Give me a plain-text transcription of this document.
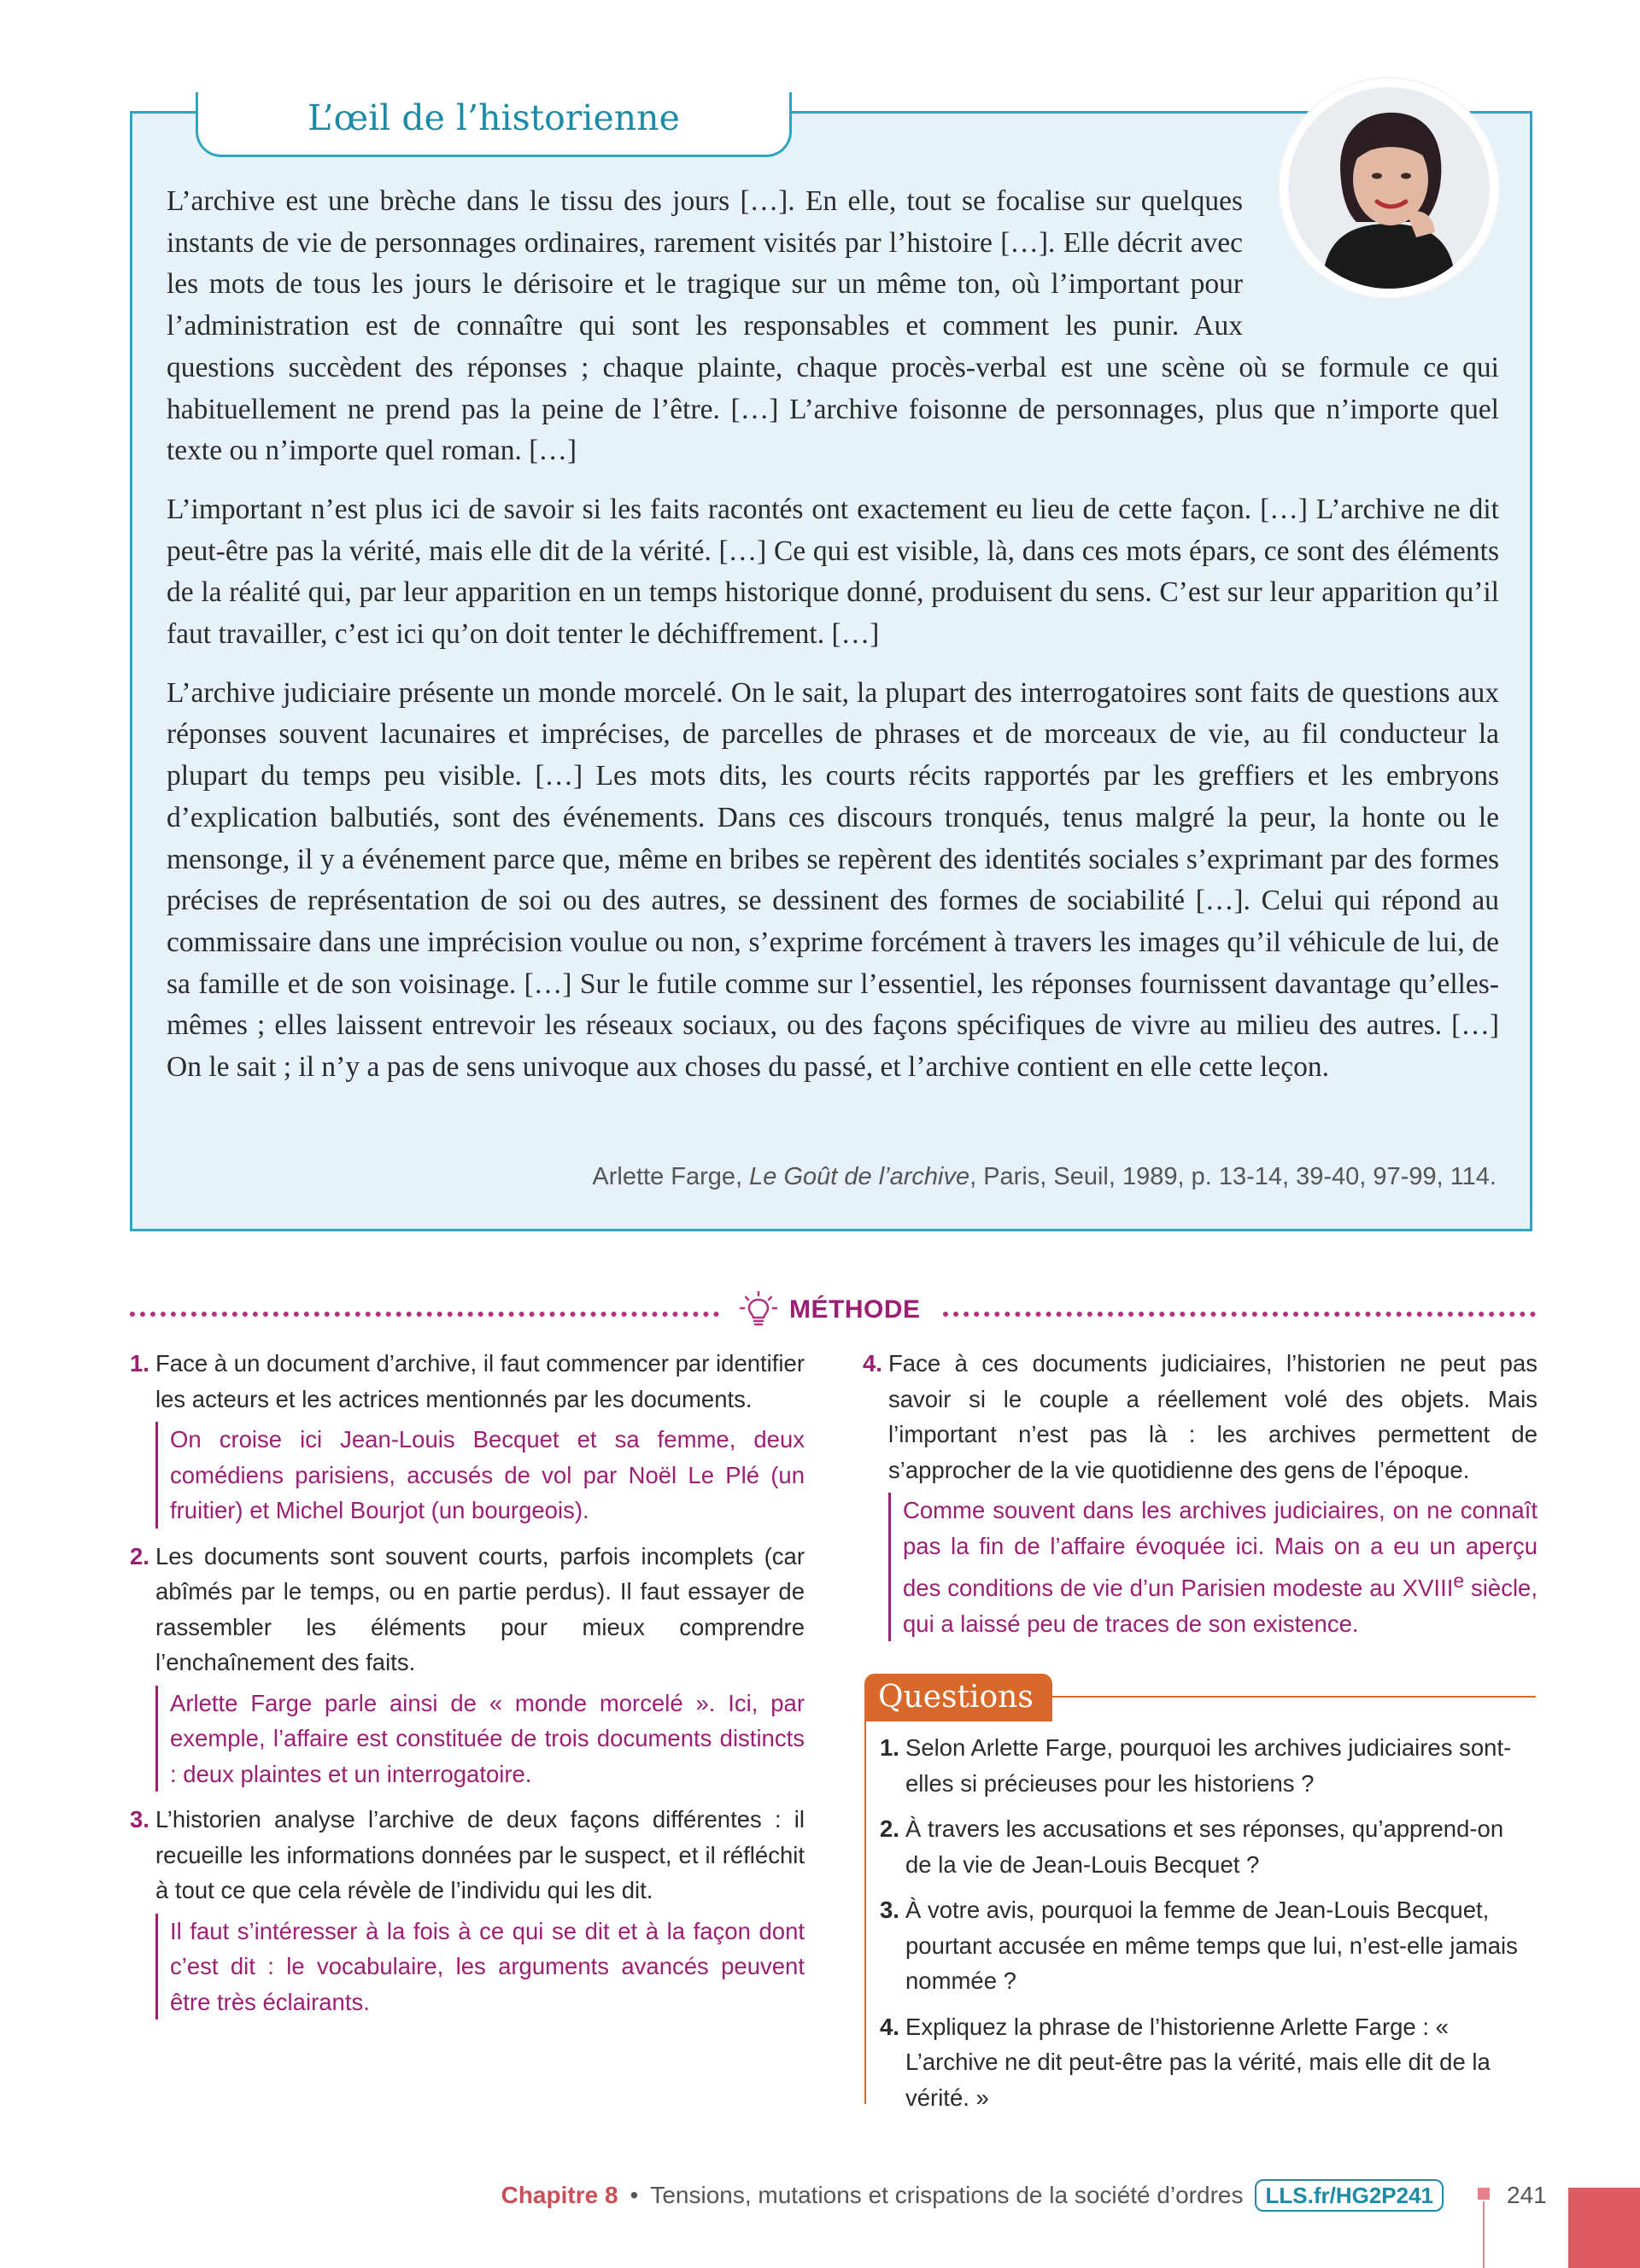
L’œil de l’historienne

L’archive est une brèche dans le tissu des jours […]. En elle, tout se focalise sur quelques instants de vie de personnages ordinaires, rarement visités par l’histoire […]. Elle décrit avec les mots de tous les jours le dérisoire et le tragique sur un même ton, où l’important pour l’administration est de connaître qui sont les responsables et comment les punir. Aux questions succèdent des réponses ; chaque plainte, chaque procès-verbal est une scène où se formule ce qui habituellement ne prend pas la peine de l’être. […] L’archive foisonne de personnages, plus que n’importe quel texte ou n’importe quel roman. […]

L’important n’est plus ici de savoir si les faits racontés ont exactement eu lieu de cette façon. […] L’archive ne dit peut-être pas la vérité, mais elle dit de la vérité. […] Ce qui est visible, là, dans ces mots épars, ce sont des éléments de la réalité qui, par leur apparition en un temps historique donné, produisent du sens. C’est sur leur apparition qu’il faut travailler, c’est ici qu’on doit tenter le déchiffrement. […]

L’archive judiciaire présente un monde morcelé. On le sait, la plupart des interrogatoires sont faits de questions aux réponses souvent lacunaires et imprécises, de parcelles de phrases et de morceaux de vie, au fil conducteur la plupart du temps peu visible. […] Les mots dits, les courts récits rapportés par les greffiers et les embryons d’explication balbutiés, sont des événements. Dans ces discours tronqués, tenus malgré la peur, la honte ou le mensonge, il y a événement parce que, même en bribes se repèrent des identités sociales s’exprimant par des formes précises de représentation de soi ou des autres, se dessinent des formes de sociabilité […]. Celui qui répond au commissaire dans une imprécision voulue ou non, s’exprime forcément à travers les images qu’il véhicule de lui, de sa famille et de son voisinage. […] Sur le futile comme sur l’essentiel, les réponses fournissent davantage qu’elles-mêmes ; elles laissent entrevoir les réseaux sociaux, ou des façons spécifiques de vivre au milieu des autres. […] On le sait ; il n’y a pas de sens univoque aux choses du passé, et l’archive contient en elle cette leçon.

Arlette Farge, Le Goût de l’archive, Paris, Seuil, 1989, p. 13-14, 39-40, 97-99, 114.
MÉTHODE
1. Face à un document d’archive, il faut commencer par identifier les acteurs et les actrices mentionnés par les documents.
On croise ici Jean-Louis Becquet et sa femme, deux comédiens parisiens, accusés de vol par Noël Le Plé (un fruitier) et Michel Bourjot (un bourgeois).
2. Les documents sont souvent courts, parfois incomplets (car abîmés par le temps, ou en partie perdus). Il faut essayer de rassembler les éléments pour mieux comprendre l’enchaînement des faits.
Arlette Farge parle ainsi de « monde morcelé ». Ici, par exemple, l’affaire est constituée de trois documents distincts : deux plaintes et un interrogatoire.
3. L’historien analyse l’archive de deux façons différentes : il recueille les informations données par le suspect, et il réfléchit à tout ce que cela révèle de l’individu qui les dit.
Il faut s’intéresser à la fois à ce qui se dit et à la façon dont c’est dit : le vocabulaire, les arguments avancés peuvent être très éclairants.
4. Face à ces documents judiciaires, l’historien ne peut pas savoir si le couple a réellement volé des objets. Mais l’important n’est pas là : les archives permettent de s’approcher de la vie quotidienne des gens de l’époque.
Comme souvent dans les archives judiciaires, on ne connaît pas la fin de l’affaire évoquée ici. Mais on a eu un aperçu des conditions de vie d’un Parisien modeste au XVIIIe siècle, qui a laissé peu de traces de son existence.
Questions
1. Selon Arlette Farge, pourquoi les archives judiciaires sont-elles si précieuses pour les historiens ?
2. À travers les accusations et ses réponses, qu’apprend-on de la vie de Jean-Louis Becquet ?
3. À votre avis, pourquoi la femme de Jean-Louis Becquet, pourtant accusée en même temps que lui, n’est-elle jamais nommée ?
4. Expliquez la phrase de l’historienne Arlette Farge : « L’archive ne dit peut-être pas la vérité, mais elle dit de la vérité. »
Chapitre 8 • Tensions, mutations et crispations de la société d’ordres	LLS.fr/HG2P241	241
